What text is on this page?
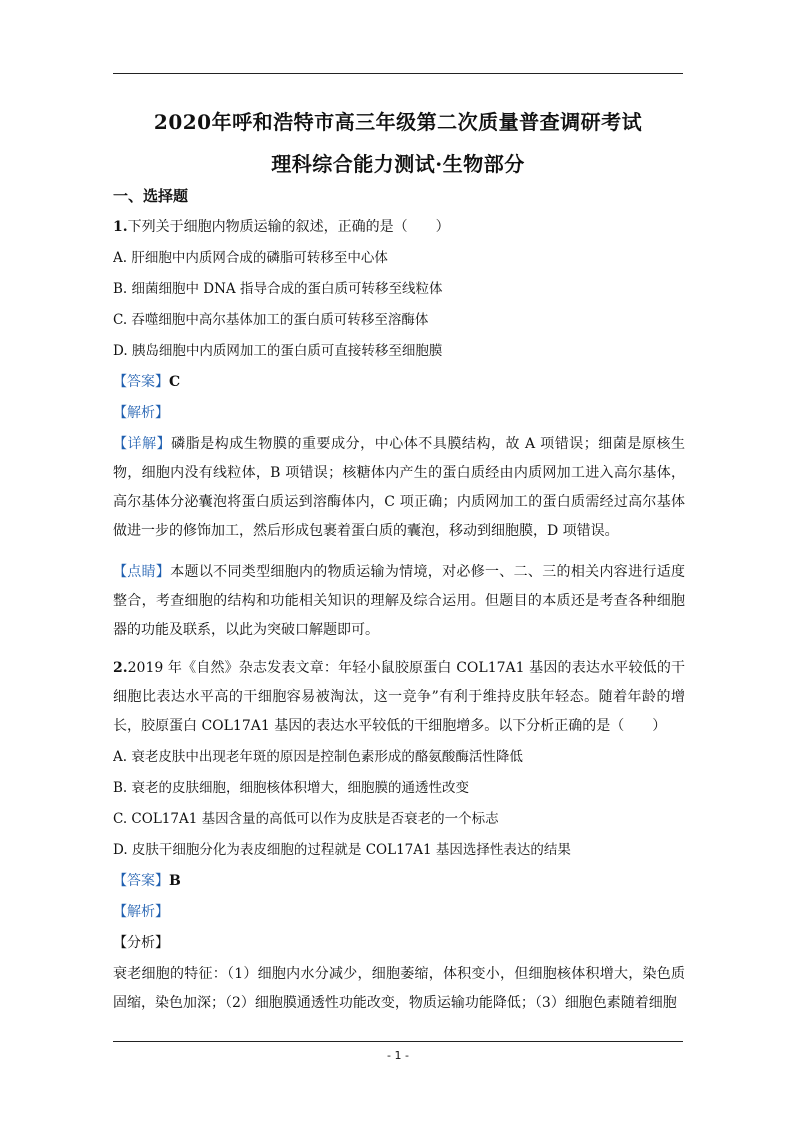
2020年呼和浩特市高三年级第二次质量普查调研考试
理科综合能力测试·生物部分
一、选择题
1.下列关于细胞内物质运输的叙述，正确的是（　　）
A. 肝细胞中内质网合成的磷脂可转移至中心体
B. 细菌细胞中 DNA 指导合成的蛋白质可转移至线粒体
C. 吞噬细胞中高尔基体加工的蛋白质可转移至溶酶体
D. 胰岛细胞中内质网加工的蛋白质可直接转移至细胞膜
【答案】C
【解析】

【详解】磷脂是构成生物膜的重要成分，中心体不具膜结构，故 A 项错误；细菌是原核生物，细胞内没有线粒体，B 项错误；核糖体内产生的蛋白质经由内质网加工进入高尔基体，高尔基体分泌囊泡将蛋白质运到溶酶体内，C 项正确；内质网加工的蛋白质需经过高尔基体做进一步的修饰加工，然后形成包裹着蛋白质的囊泡，移动到细胞膜，D 项错误。

【点睛】本题以不同类型细胞内的物质运输为情境，对必修一、二、三的相关内容进行适度整合，考查细胞的结构和功能相关知识的理解及综合运用。但题目的本质还是考查各种细胞器的功能及联系，以此为突破口解题即可。

2.2019 年《自然》杂志发表文章：年轻小鼠胶原蛋白 COL17A1 基因的表达水平较低的干细胞比表达水平高的干细胞容易被淘汰，这一竞争”有利于维持皮肤年轻态。随着年龄的增长，胶原蛋白 COL17A1 基因的表达水平较低的干细胞增多。以下分析正确的是（　　）

A. 衰老皮肤中出现老年斑的原因是控制色素形成的酪氨酸酶活性降低
B. 衰老的皮肤细胞，细胞核体积增大，细胞膜的通透性改变
C. COL17A1 基因含量的高低可以作为皮肤是否衰老的一个标志
D. 皮肤干细胞分化为表皮细胞的过程就是 COL17A1 基因选择性表达的结果
【答案】B
【解析】
【分析】

衰老细胞的特征：（1）细胞内水分减少，细胞萎缩，体积变小，但细胞核体积增大，染色质固缩，染色加深；（2）细胞膜通透性功能改变，物质运输功能降低；（3）细胞色素随着细胞

- 1 -
